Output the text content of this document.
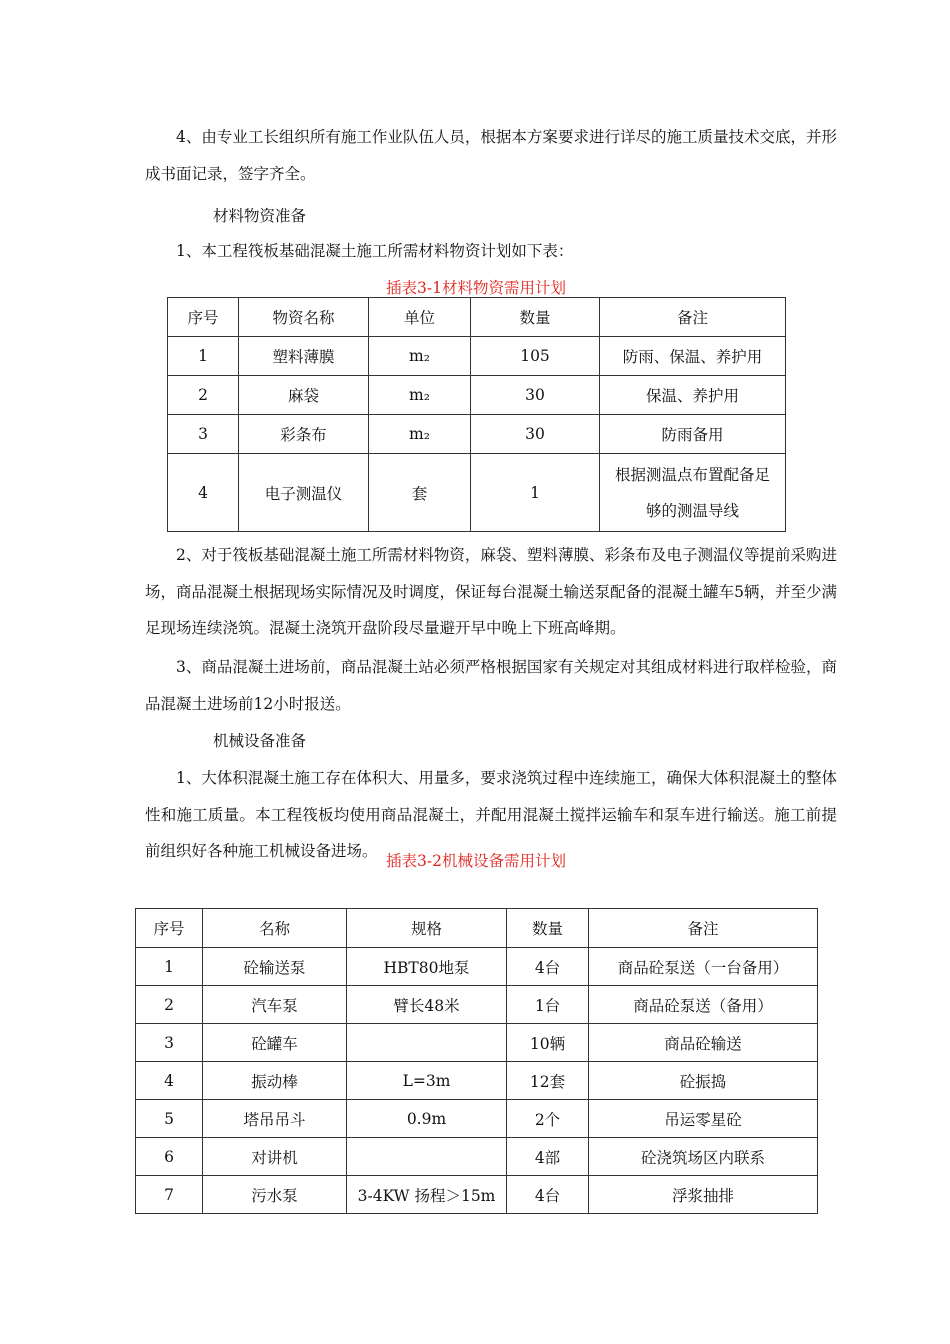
4、由专业工长组织所有施工作业队伍人员，根据本方案要求进行详尽的施工质量技术交底，并形成书面记录，签字齐全。

材料物资准备

1、本工程筏板基础混凝土施工所需材料物资计划如下表：

插表3-1材料物资需用计划

序号	物资名称	单位	数量	备注
1	塑料薄膜	m₂	105	防雨、保温、养护用
2	麻袋	m₂	30	保温、养护用
3	彩条布	m₂	30	防雨备用
4	电子测温仪	套	1	根据测温点布置配备足够的测温导线

2、对于筏板基础混凝土施工所需材料物资，麻袋、塑料薄膜、彩条布及电子测温仪等提前采购进场，商品混凝土根据现场实际情况及时调度，保证每台混凝土输送泵配备的混凝土罐车5辆，并至少满足现场连续浇筑。混凝土浇筑开盘阶段尽量避开早中晚上下班高峰期。

3、商品混凝土进场前，商品混凝土站必须严格根据国家有关规定对其组成材料进行取样检验，商品混凝土进场前12小时报送。

机械设备准备

1、大体积混凝土施工存在体积大、用量多，要求浇筑过程中连续施工，确保大体积混凝土的整体性和施工质量。本工程筏板均使用商品混凝土，并配用混凝土搅拌运输车和泵车进行输送。施工前提前组织好各种施工机械设备进场。

插表3-2机械设备需用计划

序号	名称	规格	数量	备注
1	砼输送泵	HBT80地泵	4台	商品砼泵送（一台备用）
2	汽车泵	臂长48米	1台	商品砼泵送（备用）
3	砼罐车		10辆	商品砼输送
4	振动棒	L=3m	12套	砼振捣
5	塔吊吊斗	0.9m	2个	吊运零星砼
6	对讲机		4部	砼浇筑场区内联系
7	污水泵	3-4KW 扬程＞15m	4台	浮浆抽排
